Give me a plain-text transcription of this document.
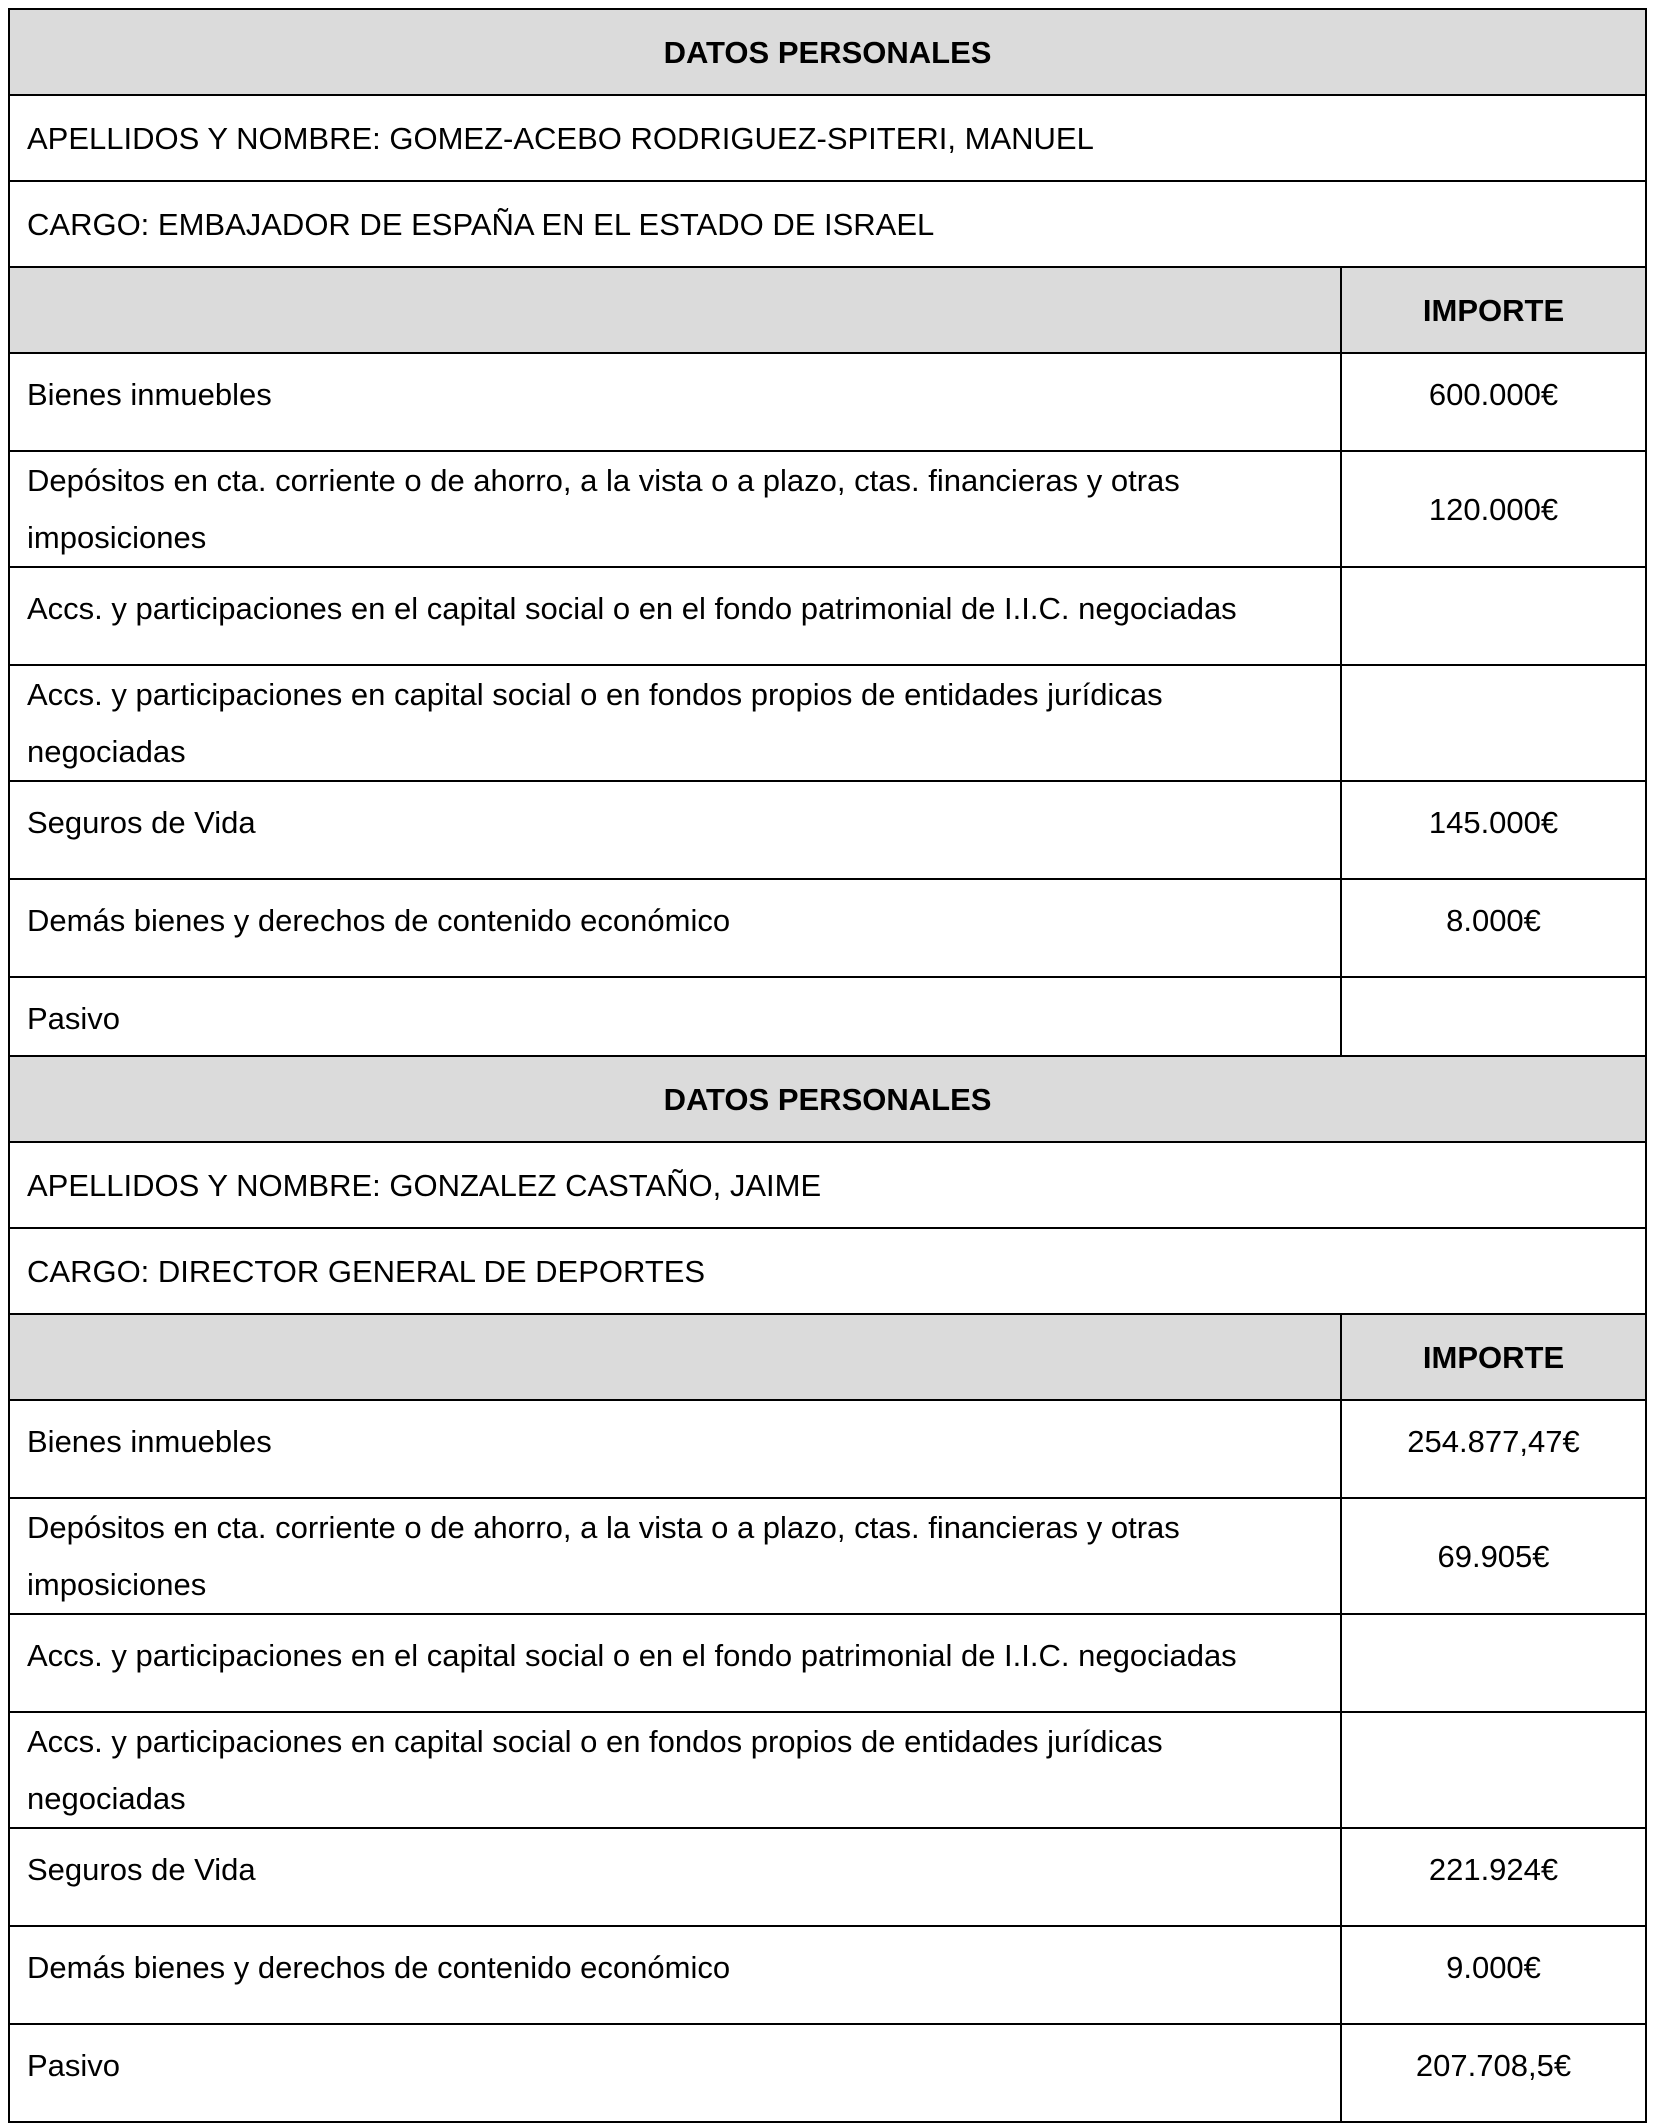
DATOS PERSONALES	
APELLIDOS Y NOMBRE: GOMEZ-ACEBO RODRIGUEZ-SPITERI, MANUEL	
CARGO: EMBAJADOR DE ESPAÑA EN EL ESTADO DE ISRAEL	
	IMPORTE
Bienes inmuebles	600.000€
Depósitos en cta. corriente o de ahorro, a la vista o a plazo, ctas. financieras y otras imposiciones	120.000€
Accs. y participaciones en el capital social o en el fondo patrimonial de I.I.C. negociadas	
Accs. y participaciones en capital social o en fondos propios de entidades jurídicas negociadas	
Seguros de Vida	145.000€
Demás bienes y derechos de contenido económico	8.000€
Pasivo	
DATOS PERSONALES	
APELLIDOS Y NOMBRE: GONZALEZ CASTAÑO, JAIME	
CARGO: DIRECTOR GENERAL DE DEPORTES	
	IMPORTE
Bienes inmuebles	254.877,47€
Depósitos en cta. corriente o de ahorro, a la vista o a plazo, ctas. financieras y otras imposiciones	69.905€
Accs. y participaciones en el capital social o en el fondo patrimonial de I.I.C. negociadas	
Accs. y participaciones en capital social o en fondos propios de entidades jurídicas negociadas	
Seguros de Vida	221.924€
Demás bienes y derechos de contenido económico	9.000€
Pasivo	207.708,5€
